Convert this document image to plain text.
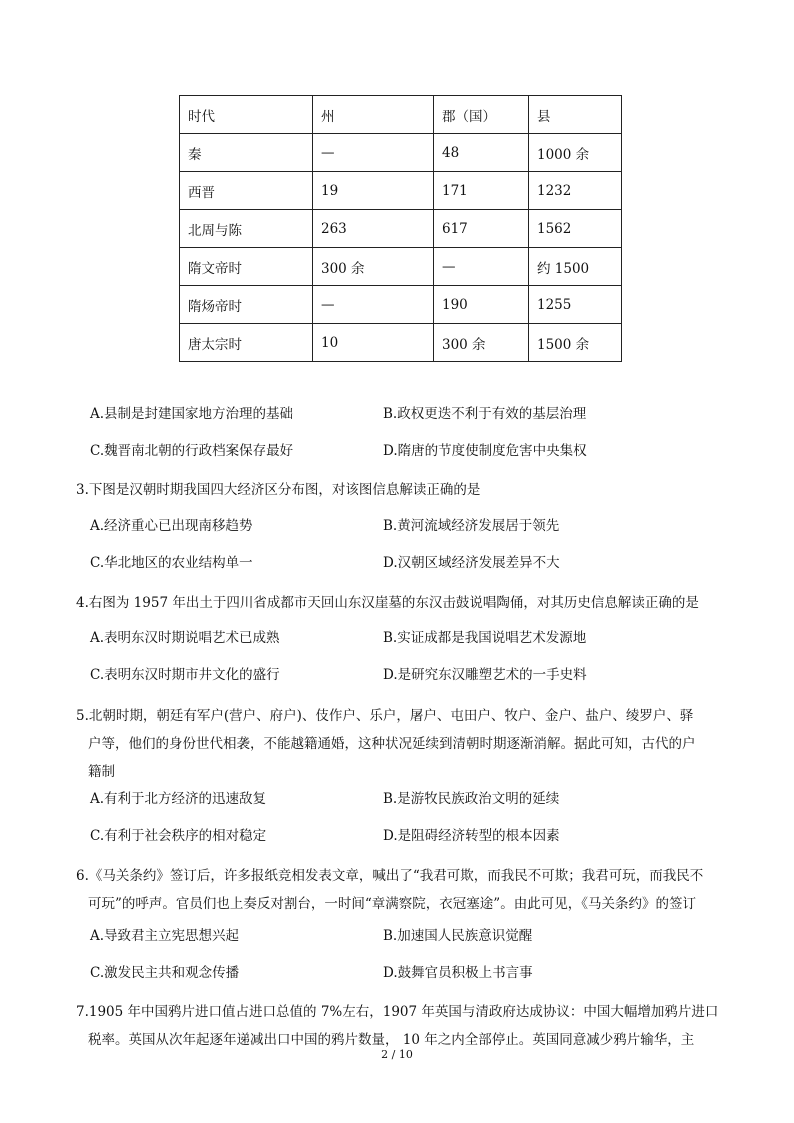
时代	州	郡（国）	县
秦	—	48	1000 余
西晋	19	171	1232
北周与陈	263	617	1562
隋文帝时	300 余	—	约 1500
隋炀帝时	—	190	1255
唐太宗时	10	300 余	1500 余
A.县制是封建国家地方治理的基础	B.政权更迭不利于有效的基层治理
C.魏晋南北朝的行政档案保存最好	D.隋唐的节度使制度危害中央集权
3.下图是汉朝时期我国四大经济区分布图，对该图信息解读正确的是
A.经济重心已出现南移趋势	B.黄河流域经济发展居于领先
C.华北地区的农业结构单一	D.汉朝区域经济发展差异不大
4.右图为 1957 年出土于四川省成都市天回山东汉崖墓的东汉击鼓说唱陶俑，对其历史信息解读正确的是
A.表明东汉时期说唱艺术已成熟	B.实证成都是我国说唱艺术发源地
C.表明东汉时期市井文化的盛行	D.是研究东汉雕塑艺术的一手史料
5.北朝时期，朝廷有军户(营户、府户)、伎作户、乐户，屠户、屯田户、牧户、金户、盐户、绫罗户、驿
户等，他们的身份世代相袭，不能越籍通婚，这种状况延续到清朝时期逐渐消解。据此可知，古代的户
籍制
A.有利于北方经济的迅速敌复	B.是游牧民族政治文明的延续
C.有利于社会秩序的相对稳定	D.是阻碍经济转型的根本因素
6.《马关条约》签订后，许多报纸竞相发表文章，喊出了“我君可欺，而我民不可欺；我君可玩，而我民不
可玩”的呼声。官员们也上奏反对割台，一时间“章满察院，衣冠塞途”。由此可见，《马关条约》的签订
A.导致君主立宪思想兴起	B.加速国人民族意识觉醒
C.激发民主共和观念传播	D.鼓舞官员积极上书言事
7.1905 年中国鸦片进口值占进口总值的 7%左右，1907 年英国与清政府达成协议：中国大幅增加鸦片进口
税率。英国从次年起逐年递减出口中国的鸦片数量， 10 年之内全部停止。英国同意减少鸦片输华，主
2 / 10
